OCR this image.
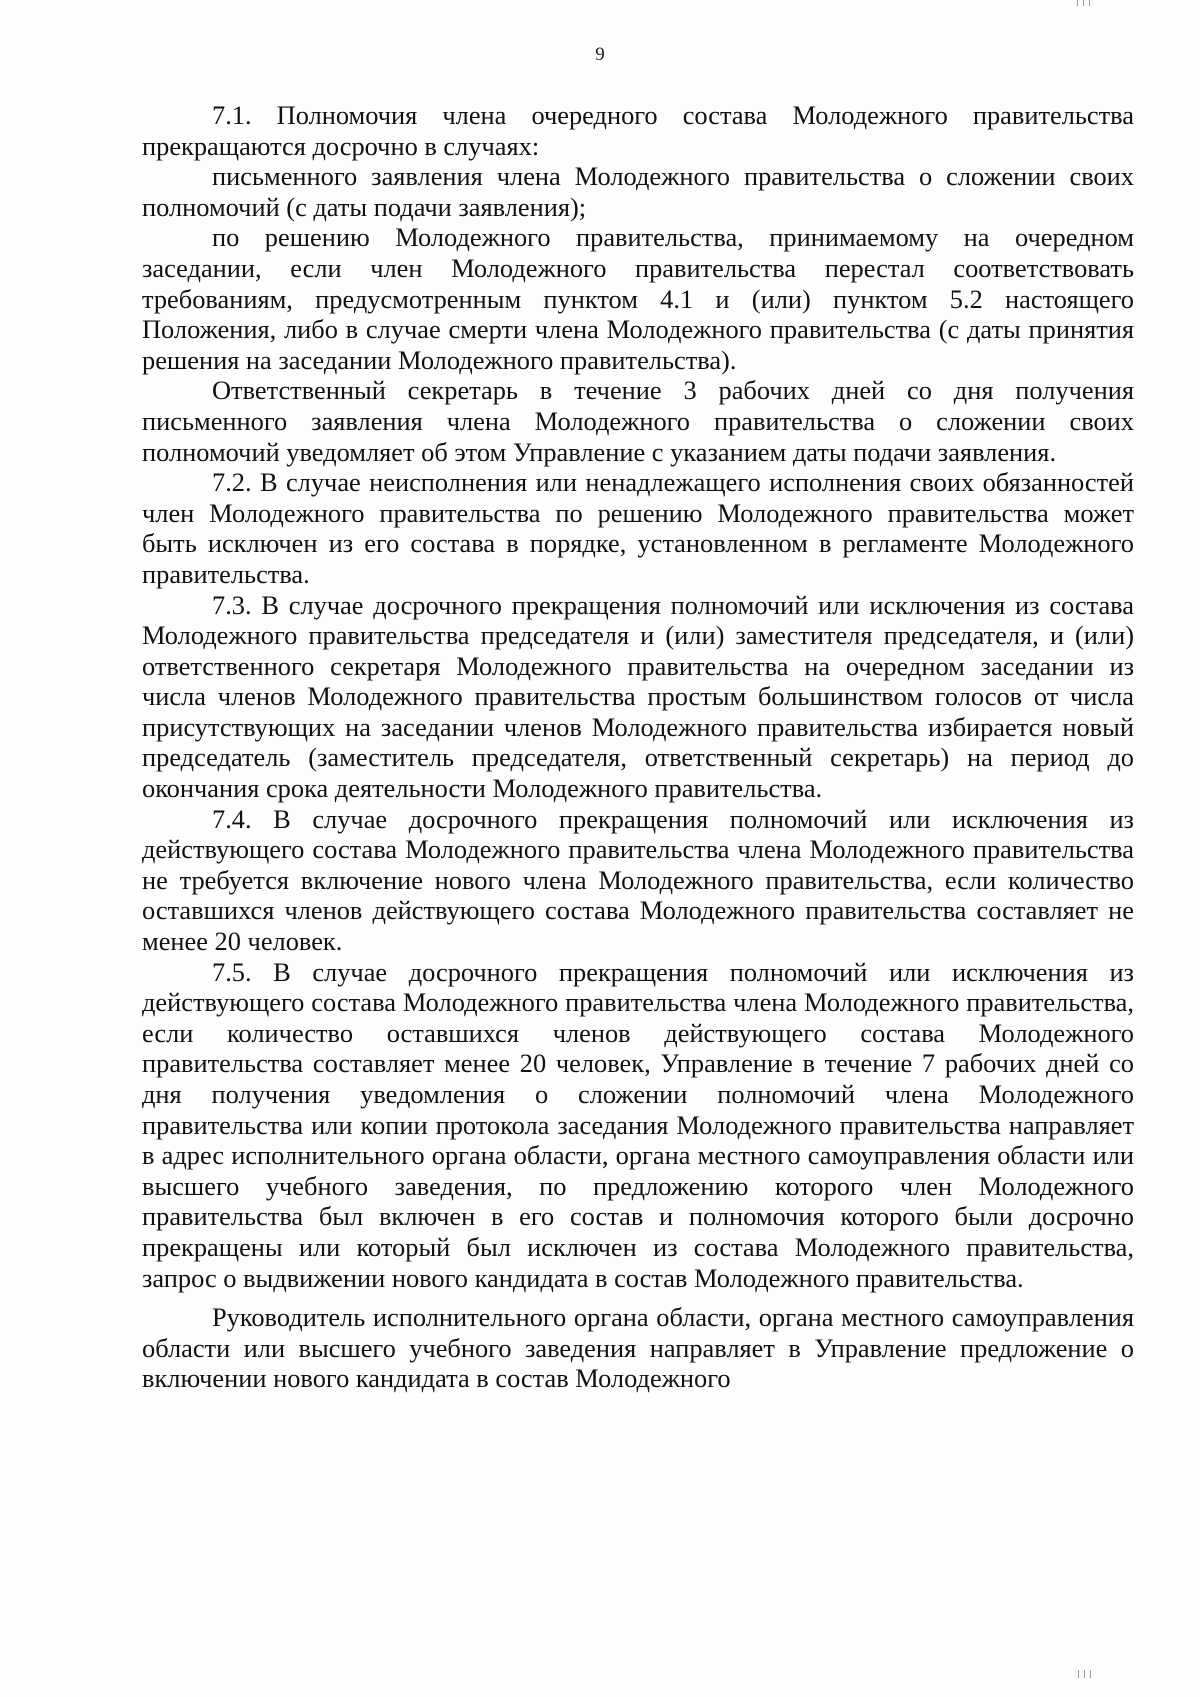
9

7.1. Полномочия члена очередного состава Молодежного правительства прекращаются досрочно в случаях:

письменного заявления члена Молодежного правительства о сложении своих полномочий (с даты подачи заявления);

по решению Молодежного правительства, принимаемому на очередном заседании, если член Молодежного правительства перестал соответствовать требованиям, предусмотренным пунктом 4.1 и (или) пунктом 5.2 настоящего Положения, либо в случае смерти члена Молодежного правительства (с даты принятия решения на заседании Молодежного правительства).

Ответственный секретарь в течение 3 рабочих дней со дня получения письменного заявления члена Молодежного правительства о сложении своих полномочий уведомляет об этом Управление с указанием даты подачи заявления.

7.2. В случае неисполнения или ненадлежащего исполнения своих обязанностей член Молодежного правительства по решению Молодежного правительства может быть исключен из его состава в порядке, установленном в регламенте Молодежного правительства.

7.3. В случае досрочного прекращения полномочий или исключения из состава Молодежного правительства председателя и (или) заместителя председателя, и (или) ответственного секретаря Молодежного правительства на очередном заседании из числа членов Молодежного правительства простым большинством голосов от числа присутствующих на заседании членов Молодежного правительства избирается новый председатель (заместитель председателя, ответственный секретарь) на период до окончания срока деятельности Молодежного правительства.

7.4. В случае досрочного прекращения полномочий или исключения из действующего состава Молодежного правительства члена Молодежного правительства не требуется включение нового члена Молодежного правительства, если количество оставшихся членов действующего состава Молодежного правительства составляет не менее 20 человек.

7.5. В случае досрочного прекращения полномочий или исключения из действующего состава Молодежного правительства члена Молодежного правительства, если количество оставшихся членов действующего состава Молодежного правительства составляет менее 20 человек, Управление в течение 7 рабочих дней со дня получения уведомления о сложении полномочий члена Молодежного правительства или копии протокола заседания Молодежного правительства направляет в адрес исполнительного органа области, органа местного самоуправления области или высшего учебного заведения, по предложению которого член Молодежного правительства был включен в его состав и полномочия которого были досрочно прекращены или который был исключен из состава Молодежного правительства, запрос о выдвижении нового кандидата в состав Молодежного правительства.

Руководитель исполнительного органа области, органа местного самоуправления области или высшего учебного заведения направляет в Управление предложение о включении нового кандидата в состав Молодежного
